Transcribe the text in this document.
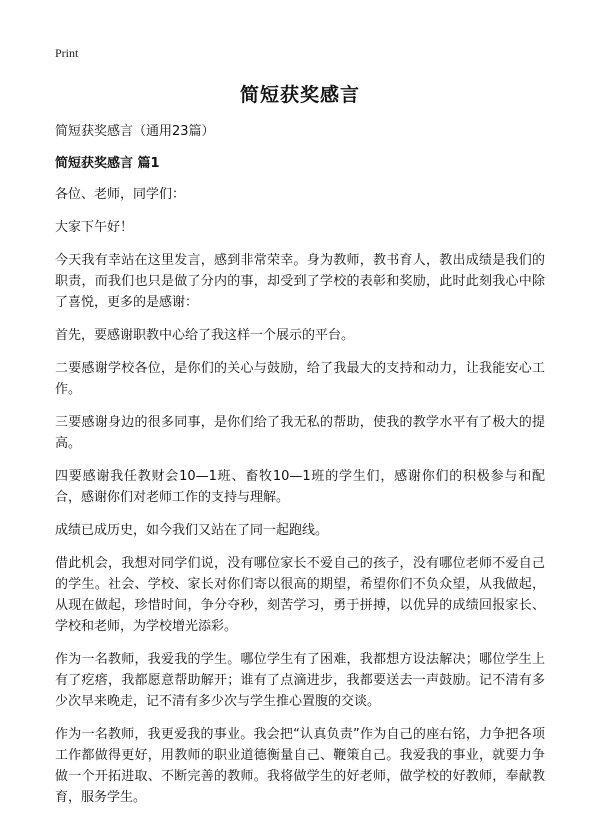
Print
简短获奖感言

简短获奖感言（通用23篇）

简短获奖感言 篇1

各位、老师，同学们：

大家下午好！

今天我有幸站在这里发言，感到非常荣幸。身为教师，教书育人，教出成绩是我们的职责，而我们也只是做了分内的事，却受到了学校的表彰和奖励，此时此刻我心中除了喜悦，更多的是感谢：

首先，要感谢职教中心给了我这样一个展示的平台。

二要感谢学校各位，是你们的关心与鼓励，给了我最大的支持和动力，让我能安心工作。

三要感谢身边的很多同事，是你们给了我无私的帮助，使我的教学水平有了极大的提高。

四要感谢我任教财会10—1班、畜牧10—1班的学生们，感谢你们的积极参与和配合，感谢你们对老师工作的支持与理解。

成绩已成历史，如今我们又站在了同一起跑线。

借此机会，我想对同学们说，没有哪位家长不爱自己的孩子，没有哪位老师不爱自己的学生。社会、学校、家长对你们寄以很高的期望，希望你们不负众望，从我做起，从现在做起，珍惜时间，争分夺秒，刻苦学习，勇于拼搏，以优异的成绩回报家长、学校和老师，为学校增光添彩。

作为一名教师，我爱我的学生。哪位学生有了困难，我都想方设法解决；哪位学生上有了疙瘩，我都愿意帮助解开；谁有了点滴进步，我都要送去一声鼓励。记不清有多少次早来晚走，记不清有多少次与学生推心置腹的交谈。

作为一名教师，我更爱我的事业。我会把“认真负责”作为自己的座右铭，力争把各项工作都做得更好，用教师的职业道德衡量自己、鞭策自己。我爱我的事业，就要力争做一个开拓进取、不断完善的教师。我将做学生的好老师，做学校的好教师，奉献教育，服务学生。
